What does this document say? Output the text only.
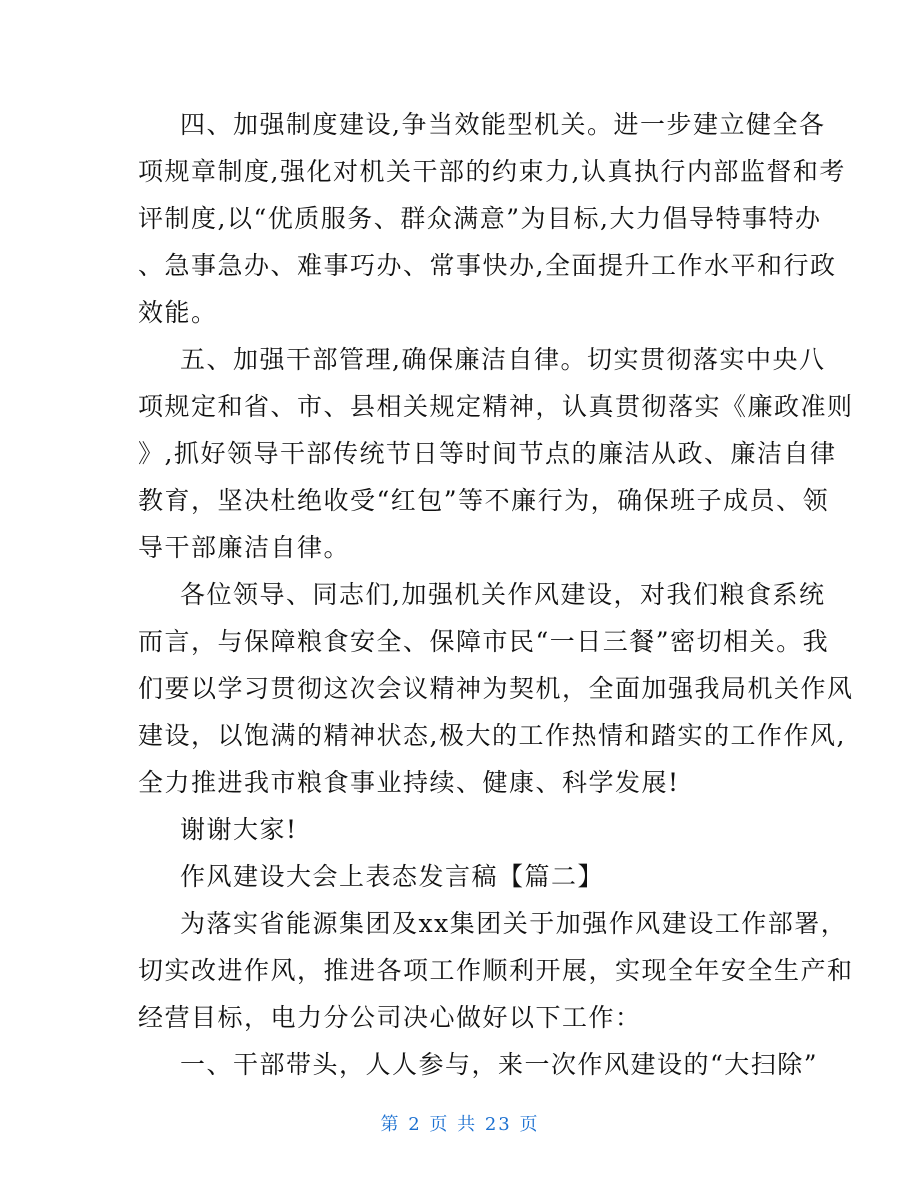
四、加强制度建设,争当效能型机关。进一步建立健全各

项规章制度,强化对机关干部的约束力,认真执行内部监督和考

评制度,以“优质服务、群众满意”为目标,大力倡导特事特办

、急事急办、难事巧办、常事快办,全面提升工作水平和行政

效能。

五、加强干部管理,确保廉洁自律。切实贯彻落实中央八

项规定和省、市、县相关规定精神，认真贯彻落实《廉政准则

》,抓好领导干部传统节日等时间节点的廉洁从政、廉洁自律

教育，坚决杜绝收受“红包”等不廉行为，确保班子成员、领

导干部廉洁自律。

各位领导、同志们,加强机关作风建设，对我们粮食系统

而言，与保障粮食安全、保障市民“一日三餐”密切相关。我

们要以学习贯彻这次会议精神为契机，全面加强我局机关作风

建设，以饱满的精神状态,极大的工作热情和踏实的工作作风,

全力推进我市粮食事业持续、健康、科学发展!

谢谢大家!

作风建设大会上表态发言稿【篇二】

为落实省能源集团及xx集团关于加强作风建设工作部署，

切实改进作风，推进各项工作顺利开展，实现全年安全生产和

经营目标，电力分公司决心做好以下工作：

一、干部带头，人人参与，来一次作风建设的“大扫除”

第 2 页 共 23 页
